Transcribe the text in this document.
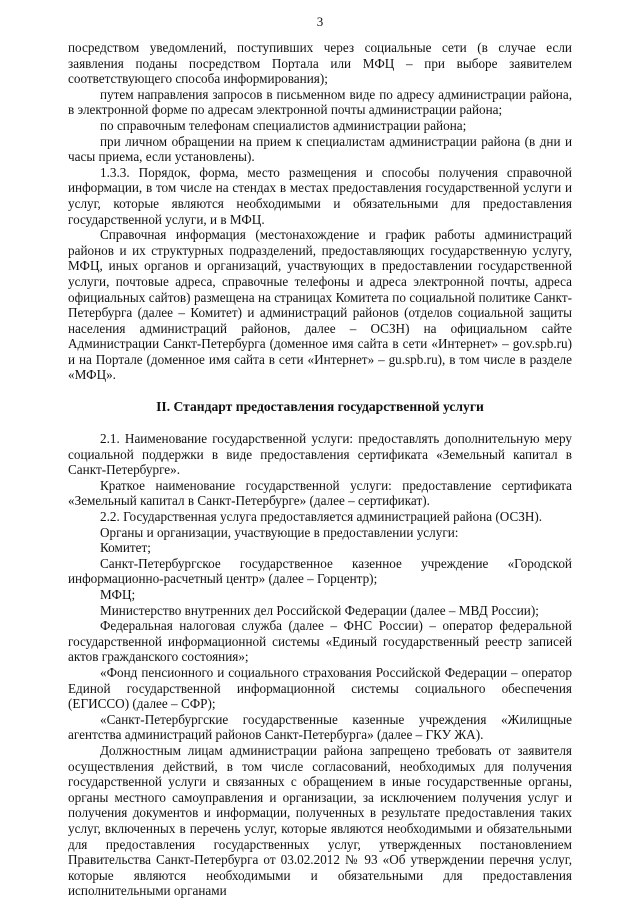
3

посредством уведомлений, поступивших через социальные сети (в случае если заявления поданы посредством Портала или МФЦ – при выборе заявителем соответствующего способа информирования);

путем направления запросов в письменном виде по адресу администрации района, в электронной форме по адресам электронной почты администрации района;

по справочным телефонам специалистов администрации района;

при личном обращении на прием к специалистам администрации района (в дни и часы приема, если установлены).

1.3.3. Порядок, форма, место размещения и способы получения справочной информации, в том числе на стендах в местах предоставления государственной услуги и услуг, которые являются необходимыми и обязательными для предоставления государственной услуги, и в МФЦ.

Справочная информация (местонахождение и график работы администраций районов и их структурных подразделений, предоставляющих государственную услугу, МФЦ, иных органов и организаций, участвующих в предоставлении государственной услуги, почтовые адреса, справочные телефоны и адреса электронной почты, адреса официальных сайтов) размещена на страницах Комитета по социальной политике Санкт-Петербурга (далее – Комитет) и администраций районов (отделов социальной защиты населения администраций районов, далее – ОСЗН) на официальном сайте Администрации Санкт-Петербурга (доменное имя сайта в сети «Интернет» – gov.spb.ru) и на Портале (доменное имя сайта в сети «Интернет» – gu.spb.ru), в том числе в разделе «МФЦ».

II. Стандарт предоставления государственной услуги

2.1. Наименование государственной услуги: предоставлять дополнительную меру социальной поддержки в виде предоставления сертификата «Земельный капитал в Санкт-Петербурге».

Краткое наименование государственной услуги: предоставление сертификата «Земельный капитал в Санкт-Петербурге» (далее – сертификат).

2.2. Государственная услуга предоставляется администрацией района (ОСЗН).

Органы и организации, участвующие в предоставлении услуги:

Комитет;

Санкт-Петербургское государственное казенное учреждение «Городской информационно-расчетный центр» (далее – Горцентр);

МФЦ;

Министерство внутренних дел Российской Федерации (далее – МВД России);

Федеральная налоговая служба (далее – ФНС России) – оператор федеральной государственной информационной системы «Единый государственный реестр записей актов гражданского состояния»;

«Фонд пенсионного и социального страхования Российской Федерации – оператор Единой государственной информационной системы социального обеспечения (ЕГИССО) (далее – СФР);

«Санкт-Петербургские государственные казенные учреждения «Жилищные агентства администраций районов Санкт-Петербурга» (далее – ГКУ ЖА).

Должностным лицам администрации района запрещено требовать от заявителя осуществления действий, в том числе согласований, необходимых для получения государственной услуги и связанных с обращением в иные государственные органы, органы местного самоуправления и организации, за исключением получения услуг и получения документов и информации, полученных в результате предоставления таких услуг, включенных в перечень услуг, которые являются необходимыми и обязательными для предоставления государственных услуг, утвержденных постановлением Правительства Санкт-Петербурга от 03.02.2012 № 93 «Об утверждении перечня услуг, которые являются необходимыми и обязательными для предоставления исполнительными органами
